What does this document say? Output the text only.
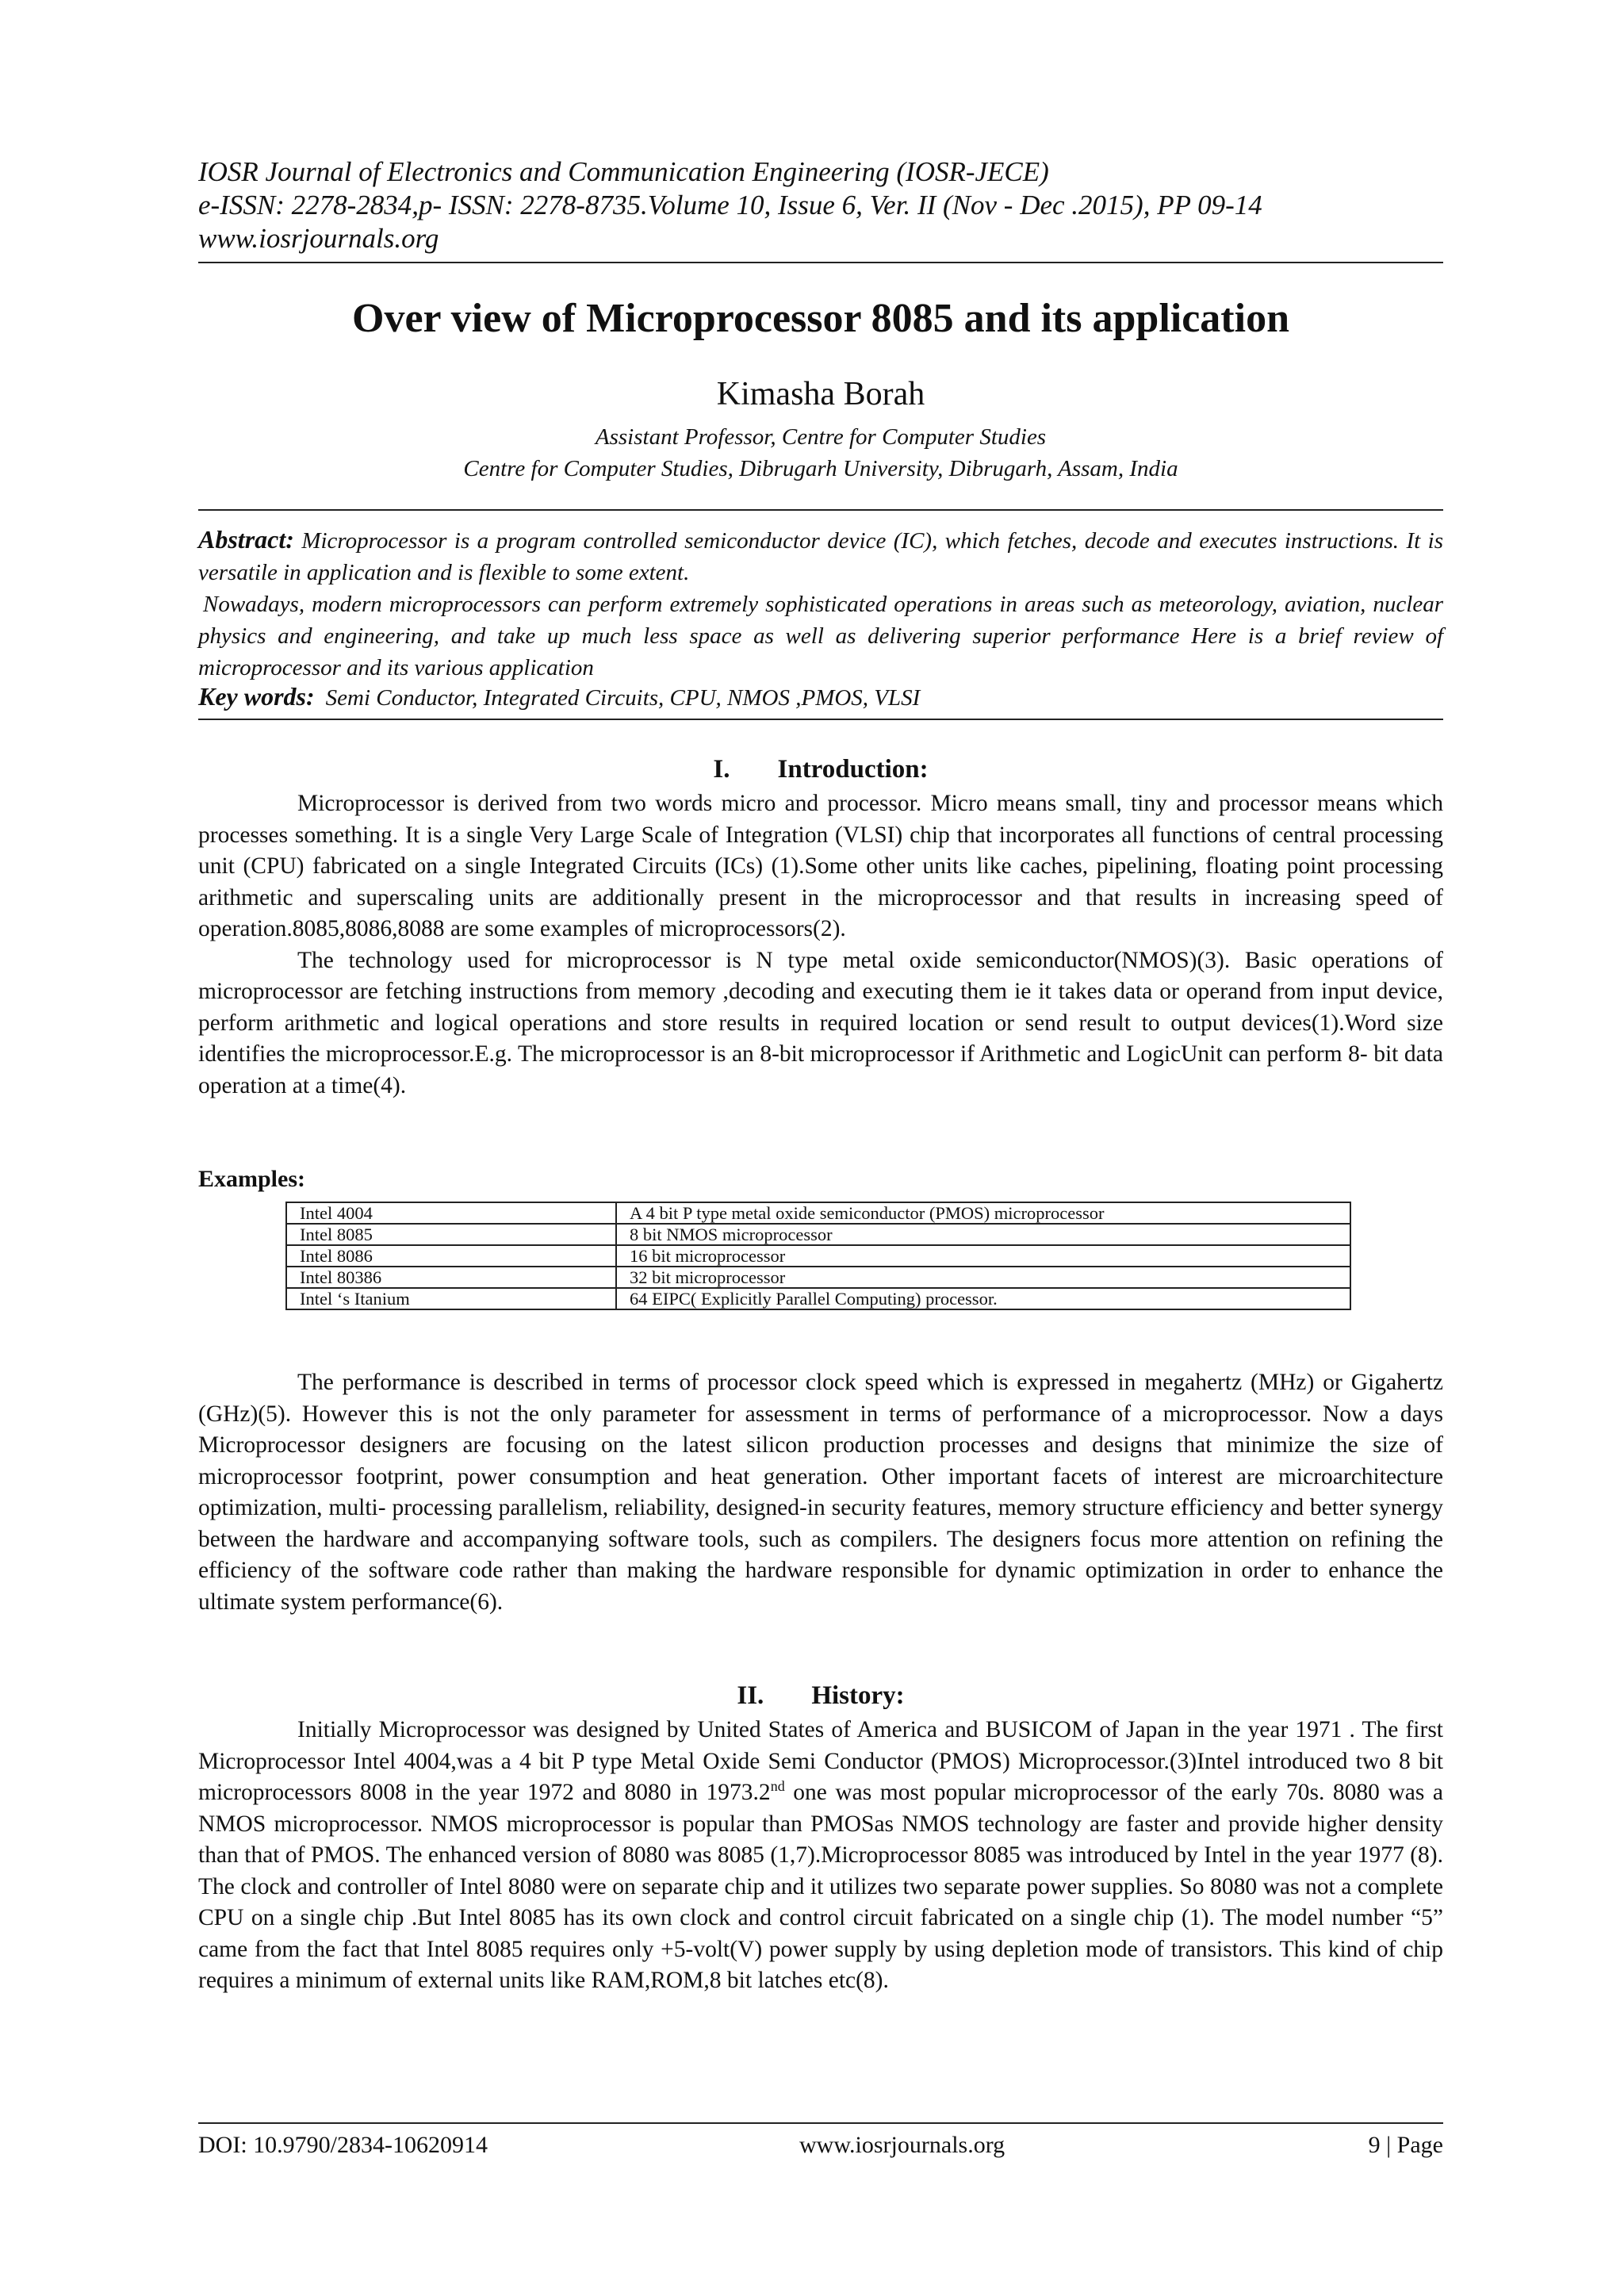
IOSR Journal of Electronics and Communication Engineering (IOSR-JECE)
e-ISSN: 2278-2834,p- ISSN: 2278-8735.Volume 10, Issue 6, Ver. II (Nov - Dec .2015), PP 09-14
www.iosrjournals.org
Over view of Microprocessor 8085 and its application
Kimasha Borah
Assistant Professor, Centre for Computer Studies
Centre for Computer Studies, Dibrugarh University, Dibrugarh, Assam, India
Abstract: Microprocessor is a program controlled semiconductor device (IC), which fetches, decode and executes instructions. It is versatile in application and is flexible to some extent.
Nowadays, modern microprocessors can perform extremely sophisticated operations in areas such as meteorology, aviation, nuclear physics and engineering, and take up much less space as well as delivering superior performance Here is a brief review of microprocessor and its various application
Key words: Semi Conductor, Integrated Circuits, CPU, NMOS ,PMOS, VLSI
I. Introduction:

Microprocessor is derived from two words micro and processor. Micro means small, tiny and processor means which processes something. It is a single Very Large Scale of Integration (VLSI) chip that incorporates all functions of central processing unit (CPU) fabricated on a single Integrated Circuits (ICs) (1).Some other units like caches, pipelining, floating point processing arithmetic and superscaling units are additionally present in the microprocessor and that results in increasing speed of operation.8085,8086,8088 are some examples of microprocessors(2).

The technology used for microprocessor is N type metal oxide semiconductor(NMOS)(3). Basic operations of microprocessor are fetching instructions from memory ,decoding and executing them ie it takes data or operand from input device, perform arithmetic and logical operations and store results in required location or send result to output devices(1).Word size identifies the microprocessor.E.g. The microprocessor is an 8-bit microprocessor if Arithmetic and LogicUnit can perform 8- bit data operation at a time(4).

Examples:
Intel 4004	A 4 bit P type metal oxide semiconductor (PMOS) microprocessor
Intel 8085	8 bit NMOS microprocessor
Intel 8086	16 bit microprocessor
Intel 80386	32 bit microprocessor
Intel ‘s Itanium	64 EIPC( Explicitly Parallel Computing) processor.

The performance is described in terms of processor clock speed which is expressed in megahertz (MHz) or Gigahertz (GHz)(5). However this is not the only parameter for assessment in terms of performance of a microprocessor. Now a days Microprocessor designers are focusing on the latest silicon production processes and designs that minimize the size of microprocessor footprint, power consumption and heat generation. Other important facets of interest are microarchitecture optimization, multi- processing parallelism, reliability, designed-in security features, memory structure efficiency and better synergy between the hardware and accompanying software tools, such as compilers. The designers focus more attention on refining the efficiency of the software code rather than making the hardware responsible for dynamic optimization in order to enhance the ultimate system performance(6).

II. History:

Initially Microprocessor was designed by United States of America and BUSICOM of Japan in the year 1971 . The first Microprocessor Intel 4004,was a 4 bit P type Metal Oxide Semi Conductor (PMOS) Microprocessor.(3)Intel introduced two 8 bit microprocessors 8008 in the year 1972 and 8080 in 1973.2nd one was most popular microprocessor of the early 70s. 8080 was a NMOS microprocessor. NMOS microprocessor is popular than PMOSas NMOS technology are faster and provide higher density than that of PMOS. The enhanced version of 8080 was 8085 (1,7).Microprocessor 8085 was introduced by Intel in the year 1977 (8). The clock and controller of Intel 8080 were on separate chip and it utilizes two separate power supplies. So 8080 was not a complete CPU on a single chip .But Intel 8085 has its own clock and control circuit fabricated on a single chip (1). The model number “5” came from the fact that Intel 8085 requires only +5-volt(V) power supply by using depletion mode of transistors. This kind of chip requires a minimum of external units like RAM,ROM,8 bit latches etc(8).

DOI: 10.9790/2834-10620914	www.iosrjournals.org	9 | Page
